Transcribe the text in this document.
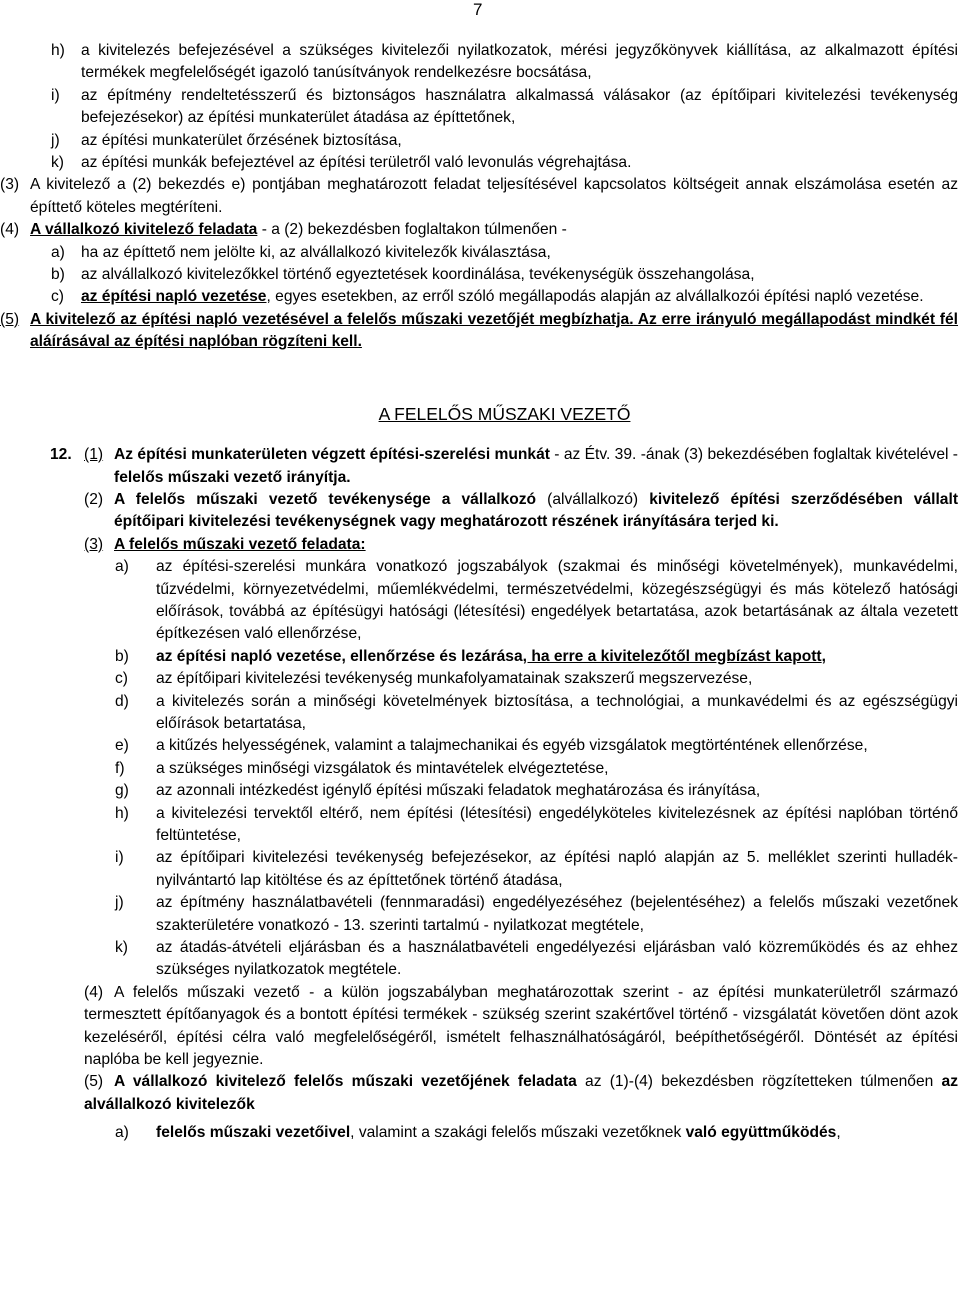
7
h)	a kivitelezés befejezésével a szükséges kivitelezői nyilatkozatok, mérési jegyzőkönyvek kiállítása, az alkalmazott építési termékek megfelelőségét igazoló tanúsítványok rendelkezésre bocsátása,
i)	az építmény rendeltetésszerű és biztonságos használatra alkalmassá válásakor (az építőipari kivitelezési tevékenység befejezésekor) az építési munkaterület átadása az építtetőnek,
j)	az építési munkaterület őrzésének biztosítása,
k)	az építési munkák befejeztével az építési területről való levonulás végrehajtása.
(3) A kivitelező a (2) bekezdés e) pontjában meghatározott feladat teljesítésével kapcsolatos költségeit annak elszámolása esetén az építtető köteles megtéríteni.
(4) A vállalkozó kivitelező feladata - a (2) bekezdésben foglaltakon túlmenően -
a)	ha az építtető nem jelölte ki, az alvállalkozó kivitelezők kiválasztása,
b)	az alvállalkozó kivitelezőkkel történő egyeztetések koordinálása, tevékenységük összehangolása,
c)	az építési napló vezetése, egyes esetekben, az erről szóló megállapodás alapján az alvállalkozói építési napló vezetése.
(5) A kivitelező az építési napló vezetésével a felelős műszaki vezetőjét megbízhatja. Az erre irányuló megállapodást mindkét fél aláírásával az építési naplóban rögzíteni kell.
A FELELŐS MŰSZAKI VEZETŐ
12. (1) Az építési munkaterületen végzett építési-szerelési munkát - az Étv. 39. -ának (3) bekezdésében foglaltak kivételével - felelős műszaki vezető irányítja.
(2) A felelős műszaki vezető tevékenysége a vállalkozó (alvállalkozó) kivitelező építési szerződésében vállalt építőipari kivitelezési tevékenységnek vagy meghatározott részének irányítására terjed ki.
(3) A felelős műszaki vezető feladata:
a)	az építési-szerelési munkára vonatkozó jogszabályok (szakmai és minőségi követelmények), munkavédelmi, tűzvédelmi, környezetvédelmi, műemlékvédelmi, természetvédelmi, közegészségügyi és más kötelező hatósági előírások, továbbá az építésügyi hatósági (létesítési) engedélyek betartatása, azok betartásának az általa vezetett építkezésen való ellenőrzése,
b)	az építési napló vezetése, ellenőrzése és lezárása, ha erre a kivitelezőtől megbízást kapott,
c)	az építőipari kivitelezési tevékenység munkafolyamatainak szakszerű megszervezése,
d)	a kivitelezés során a minőségi követelmények biztosítása, a technológiai, a munkavédelmi és az egészségügyi előírások betartatása,
e)	a kitűzés helyességének, valamint a talajmechanikai és egyéb vizsgálatok megtörténtének ellenőrzése,
f)	a szükséges minőségi vizsgálatok és mintavételek elvégeztetése,
g)	az azonnali intézkedést igénylő építési műszaki feladatok meghatározása és irányítása,
h)	a kivitelezési tervektől eltérő, nem építési (létesítési) engedélyköteles kivitelezésnek az építési naplóban történő feltüntetése,
i)	az építőipari kivitelezési tevékenység befejezésekor, az építési napló alapján az 5. melléklet szerinti hulladék-nyilvántartó lap kitöltése és az építtetőnek történő átadása,
j)	az építmény használatbavételi (fennmaradási) engedélyezéséhez (bejelentéséhez) a felelős műszaki vezetőnek szakterületére vonatkozó - 13. szerinti tartalmú - nyilatkozat megtétele,
k)	az átadás-átvételi eljárásban és a használatbavételi engedélyezési eljárásban való közreműködés és az ehhez szükséges nyilatkozatok megtétele.
(4) A felelős műszaki vezető - a külön jogszabályban meghatározottak szerint - az építési munkaterületről származó termesztett építőanyagok és a bontott építési termékek - szükség szerint szakértővel történő - vizsgálatát követően dönt azok kezeléséről, építési célra való megfelelőségéről, ismételt felhasználhatóságáról, beépíthetőségéről. Döntését az építési naplóba be kell jegyeznie.
(5) A vállalkozó kivitelező felelős műszaki vezetőjének feladata az (1)-(4) bekezdésben rögzítetteken túlmenően az alvállalkozó kivitelezők
a)	felelős műszaki vezetőivel, valamint a szakági felelős műszaki vezetőknek való együttműködés,
